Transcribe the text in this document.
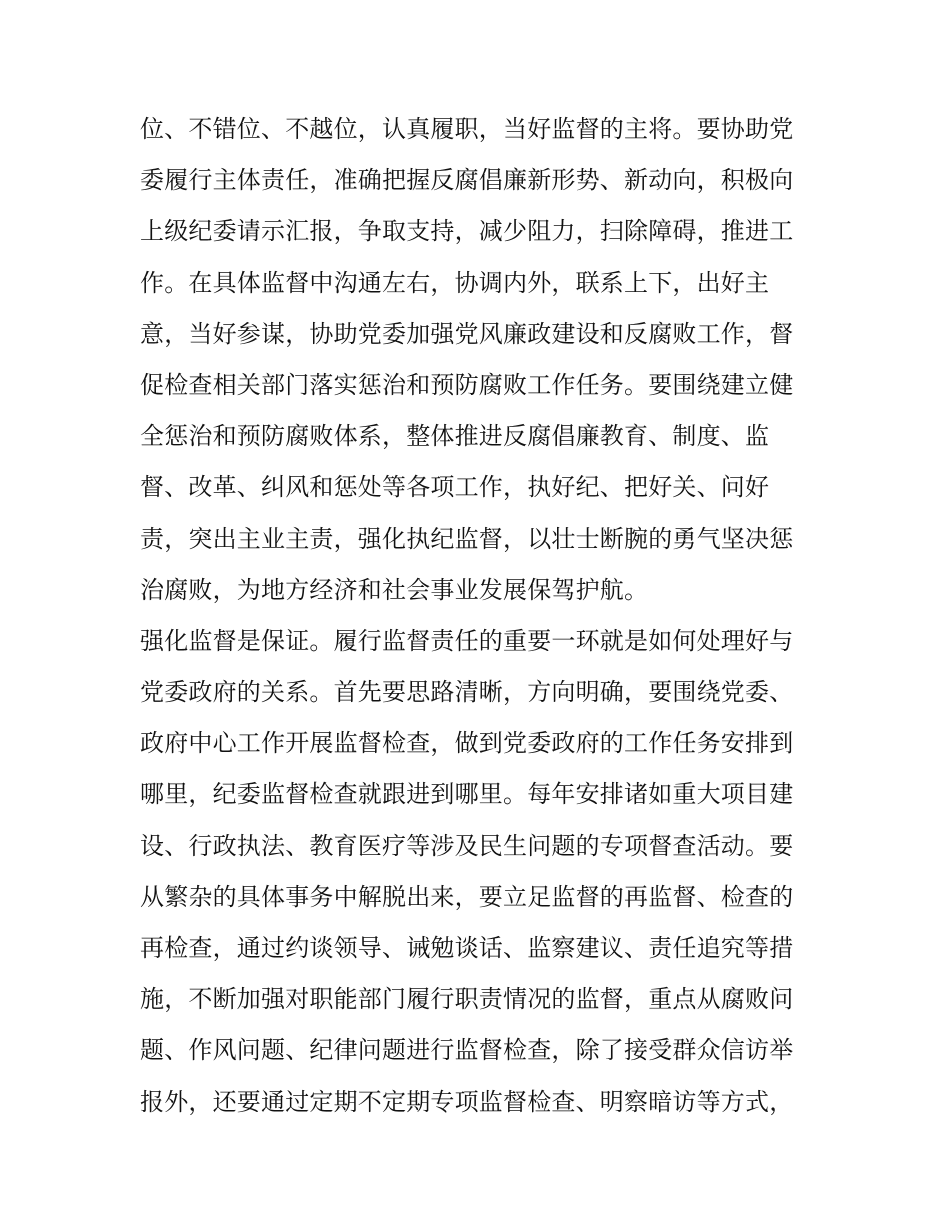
位、不错位、不越位，认真履职，当好监督的主将。要协助党
委履行主体责任，准确把握反腐倡廉新形势、新动向，积极向
上级纪委请示汇报，争取支持，减少阻力，扫除障碍，推进工
作。在具体监督中沟通左右，协调内外，联系上下，出好主
意，当好参谋，协助党委加强党风廉政建设和反腐败工作，督
促检查相关部门落实惩治和预防腐败工作任务。要围绕建立健
全惩治和预防腐败体系，整体推进反腐倡廉教育、制度、监
督、改革、纠风和惩处等各项工作，执好纪、把好关、问好
责，突出主业主责，强化执纪监督，以壮士断腕的勇气坚决惩
治腐败，为地方经济和社会事业发展保驾护航。
强化监督是保证。履行监督责任的重要一环就是如何处理好与
党委政府的关系。首先要思路清晰，方向明确，要围绕党委、
政府中心工作开展监督检查，做到党委政府的工作任务安排到
哪里，纪委监督检查就跟进到哪里。每年安排诸如重大项目建
设、行政执法、教育医疗等涉及民生问题的专项督查活动。要
从繁杂的具体事务中解脱出来，要立足监督的再监督、检查的
再检查，通过约谈领导、诫勉谈话、监察建议、责任追究等措
施，不断加强对职能部门履行职责情况的监督，重点从腐败问
题、作风问题、纪律问题进行监督检查，除了接受群众信访举
报外，还要通过定期不定期专项监督检查、明察暗访等方式，
